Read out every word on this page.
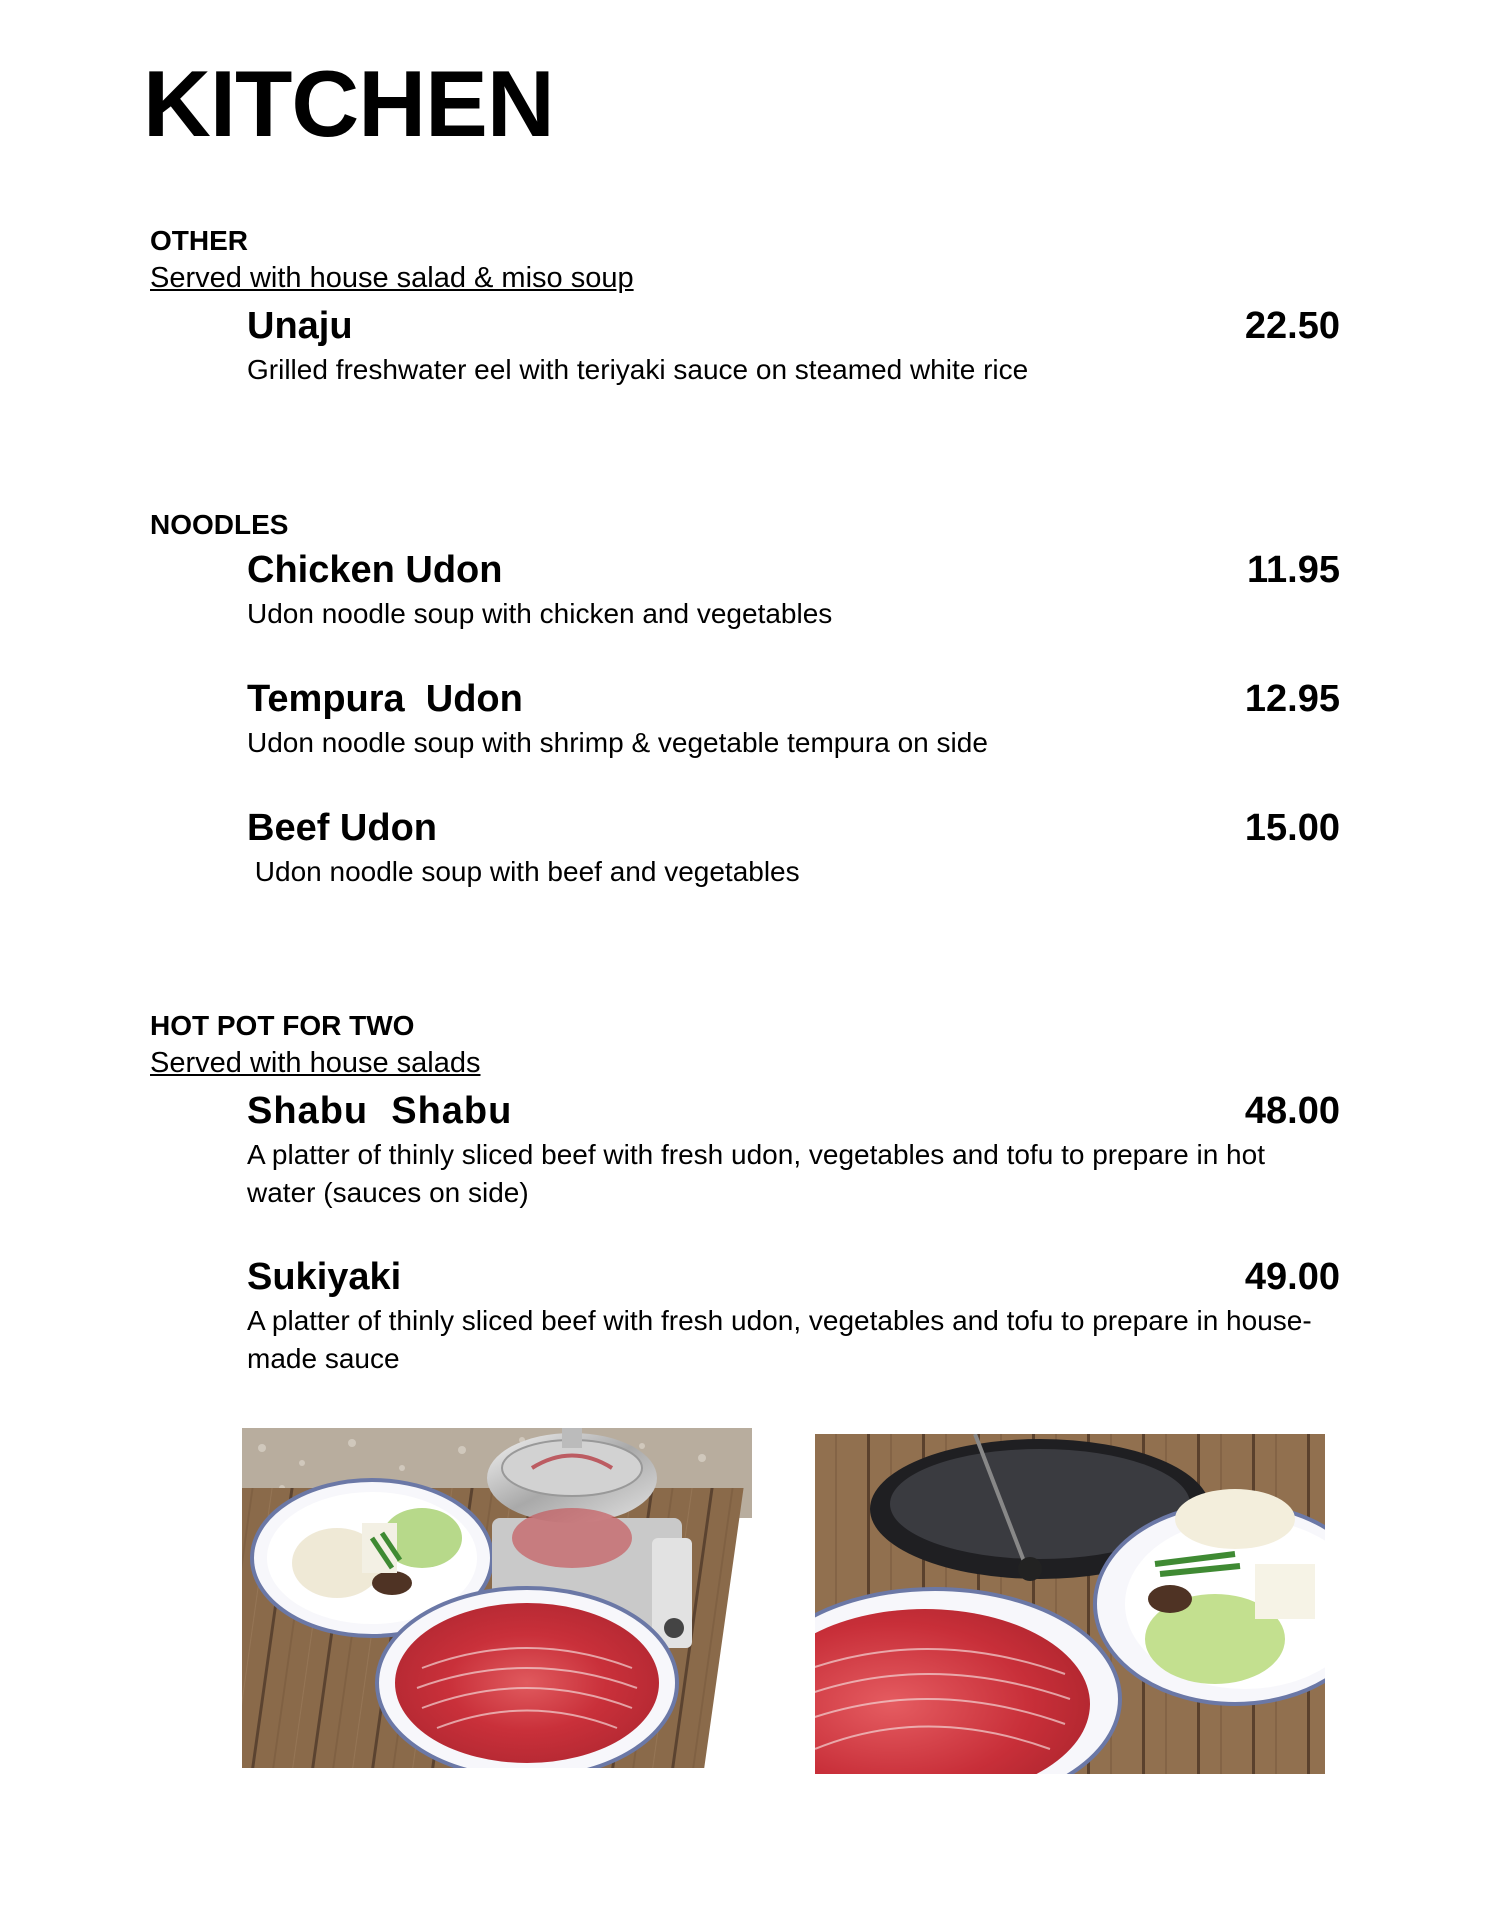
KITCHEN
OTHER
Served with house salad & miso soup
Unaju	22.50
Grilled freshwater eel with teriyaki sauce on steamed white rice
NOODLES
Chicken Udon	11.95
Udon noodle soup with chicken and vegetables
Tempura  Udon	12.95
Udon noodle soup with shrimp & vegetable tempura on side
Beef Udon	15.00
Udon noodle soup with beef and vegetables
HOT POT FOR TWO
Served with house salads
Shabu  Shabu	48.00
A platter of thinly sliced beef with fresh udon, vegetables and tofu to prepare in hot water (sauces on side)
Sukiyaki	49.00
A platter of thinly sliced beef with fresh udon, vegetables and tofu to prepare in house-made sauce
